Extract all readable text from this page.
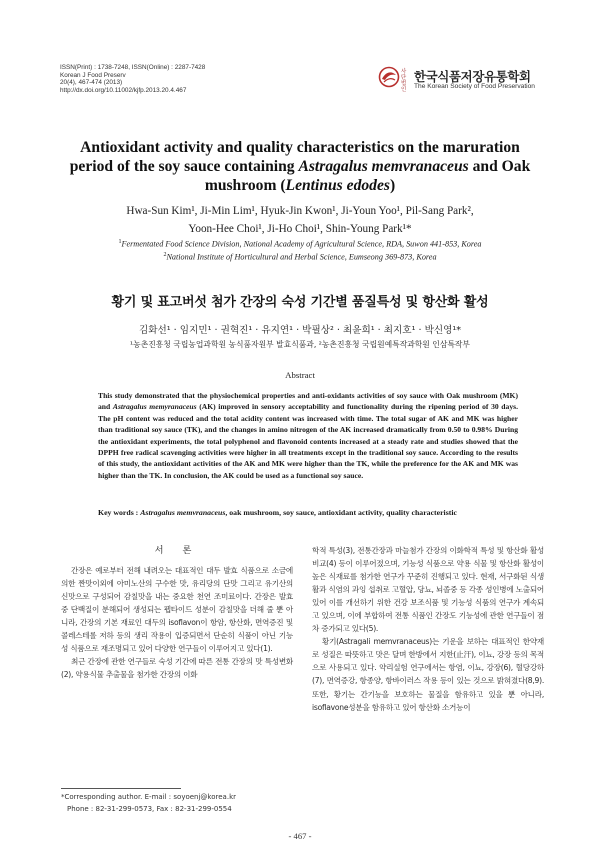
ISSN(Print) : 1738-7248, ISSN(Online) : 2287-7428
Korean J Food Preserv
20(4), 467-474 (2013)
http://dx.doi.org/10.11002/kjfp.2013.20.4.467
사단 법인
한국식품저장유통학회
The Korean Society of Food Preservation
Antioxidant activity and quality characteristics on the maruration
period of the soy sauce containing Astragalus memvranaceus and Oak
mushroom (Lentinus edodes)
Hwa-Sun Kim¹, Ji-Min Lim¹, Hyuk-Jin Kwon¹, Ji-Youn Yoo¹, Pil-Sang Park²,
Yoon-Hee Choi¹, Ji-Ho Choi¹, Shin-Young Park¹*
$^1$Fermentated Food Science Division, National Academy of Agricultural Science, RDA, Suwon 441-853, Korea
$^2$National Institute of Horticultural and Herbal Science, Eumseong 369-873, Korea
황기 및 표고버섯 첨가 간장의 숙성 기간별 품질특성 및 항산화 활성
김화선¹ · 임지민¹ · 권혁진¹ · 유지연¹ · 박필상² · 최윤희¹ · 최지호¹ · 박신영¹*
¹농촌진흥청 국립농업과학원 농식품자원부 발효식품과, ²농촌진흥청 국립원예특작과학원 인삼특작부
Abstract
This study demonstrated that the physiochemical properties and anti-oxidants activities of soy sauce with Oak mushroom (MK) and Astragalus memyranaceus (AK) improved in sensory acceptability and functionality during the ripening period of 30 days. The pH content was reduced and the total acidity content was increased with time. The total sugar of AK and MK was higher than traditional soy sauce (TK), and the changes in amino nitrogen of the AK increased dramatically from 0.50 to 0.98% During the antioxidant experiments, the total polyphenol and flavonoid contents increased at a steady rate and studies showed that the DPPH free radical scavenging activities were higher in all treatments except in the traditional soy sauce. According to the results of this study, the antioxidant activities of the AK and MK were higher than the TK, while the preference for the AK and MK was higher than the TK. In conclusion, the AK could be used as a functional soy sauce.
Key words : Astragalus memvranaceus, oak mushroom, soy sauce, antioxidant activity, quality characteristic
서 론

간장은 예로부터 전해 내려오는 대표적인 대두 발효 식품으로 소금에 의한 짠맛이외에 아미노산의 구수한 맛, 유리당의 단맛 그리고 유기산의 신맛으로 구성되어 감칠맛을 내는 중요한 천연 조미료이다. 간장은 발효 중 단백질이 분해되어 생성되는 펩타이드 성분이 감칠맛을 더해 줄 뿐 아니라, 간장의 기본 재료인 대두의 isoflavon이 항암, 항산화, 면역증진 및 콜레스테롤 저하 등의 생리 작용이 입증되면서 단순히 식품이 아닌 기능성 식품으로 재조명되고 있어 다양한 연구들이 이루어지고 있다(1).

최근 간장에 관한 연구들로 숙성 기간에 따른 전통 간장의 맛 특성변화(2), 약용식물 추출물을 첨가한 간장의 이화

학적 특성(3), 전통간장과 마늘첨가 간장의 이화학적 특성 및 항산화 활성비교(4) 등이 이루어졌으며, 기능성 식품으로 약용 식물 및 항산화 활성이 높은 식재료를 첨가한 연구가 꾸준히 진행되고 있다. 현재, 서구화된 식생활과 식염의 과잉 섭취로 고혈압, 당뇨, 뇌졸중 등 각종 성인병에 노출되어 있어 이를 개선하기 위한 건강 보조식품 및 기능성 식품의 연구가 계속되고 있으며, 이에 부합하여 전통 식품인 간장도 기능성에 관한 연구들이 점차 증가되고 있다(5).

황기(Astragali memvranaceus)는 기운을 보하는 대표적인 한약재로 성질은 따뜻하고 맛은 달며 한방에서 지한(止汗), 이뇨, 강장 등의 목적으로 사용되고 있다. 약리실험 연구에서는 항염, 이뇨, 강장(6), 혈당강하(7), 면역증강, 항종양, 항바이러스 작용 등이 있는 것으로 밝혀졌다(8,9). 또한, 황기는 간기능을 보호하는 물질을 함유하고 있을 뿐 아니라, isoflavone성분을 함유하고 있어 항산화 소거능이

*Corresponding author. E-mail : soyoenj@korea.kr
Phone : 82-31-299-0573, Fax : 82-31-299-0554
- 467 -
